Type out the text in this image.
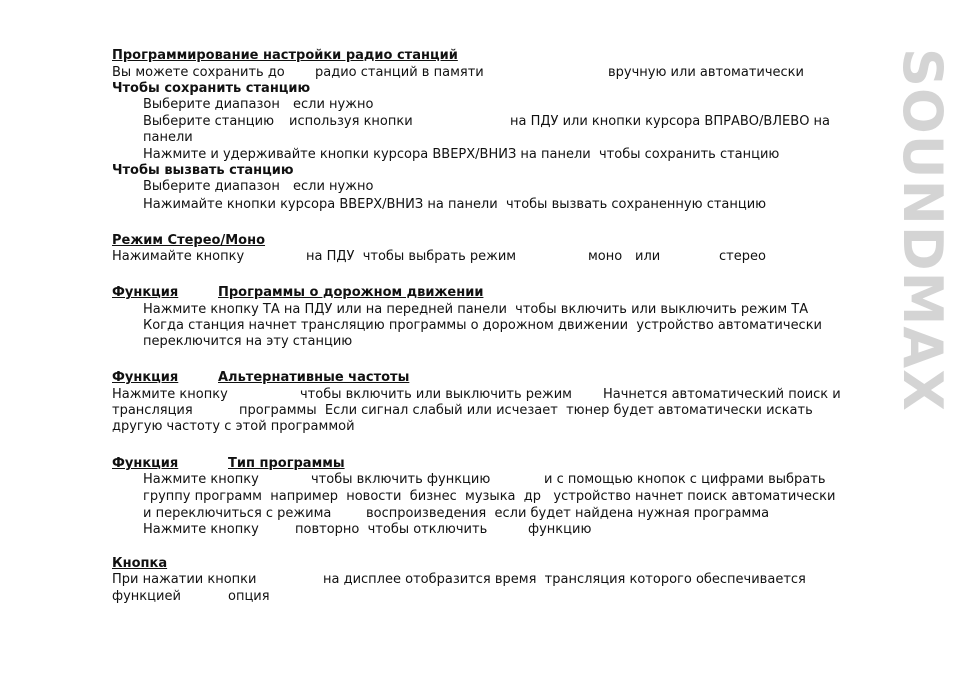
Программирование настройки радио станций
Вы можете сохранить до радио станций в памяти	вручную или автоматически
Чтобы сохранить станцию
Выберите диапазон если нужно
Выберите станцию используя кнопки	на ПДУ или кнопки курсора ВПРАВО/ВЛЕВО на
панели
Нажмите и удерживайте кнопки курсора ВВЕРХ/ВНИЗ на панели  чтобы сохранить станцию
Чтобы вызвать станцию
Выберите диапазон если нужно
Нажимайте кнопки курсора ВВЕРХ/ВНИЗ на панели  чтобы вызвать сохраненную станцию
Режим Стерео/Моно
Нажимайте кнопку	на ПДУ  чтобы выбрать режим	моно или	стерео
Функция	Программы о дорожном движении
Нажмите кнопку ТА на ПДУ или на передней панели  чтобы включить или выключить режим ТА
Когда станция начнет трансляцию программы о дорожном движении  устройство автоматически
переключится на эту станцию
Функция	Альтернативные частоты
Нажмите кнопку	чтобы включить или выключить режим Начнется автоматический поиск и
трансляция	программы  Если сигнал слабый или исчезает  тюнер будет автоматически искать
другую частоту с этой программой
Функция	Тип программы
Нажмите кнопку	чтобы включить функцию	и с помощью кнопок с цифрами выбрать
группу программ  например  новости  бизнес  музыка  др   устройство начнет поиск автоматически
и переключиться с режима	воспроизведения  если будет найдена нужная программа
Нажмите кнопку	повторно  чтобы отключить	функцию
Кнопка
При нажатии кнопки	на дисплее отобразится время  трансляция которого обеспечивается
функцией	опция
SOUNDMAX
